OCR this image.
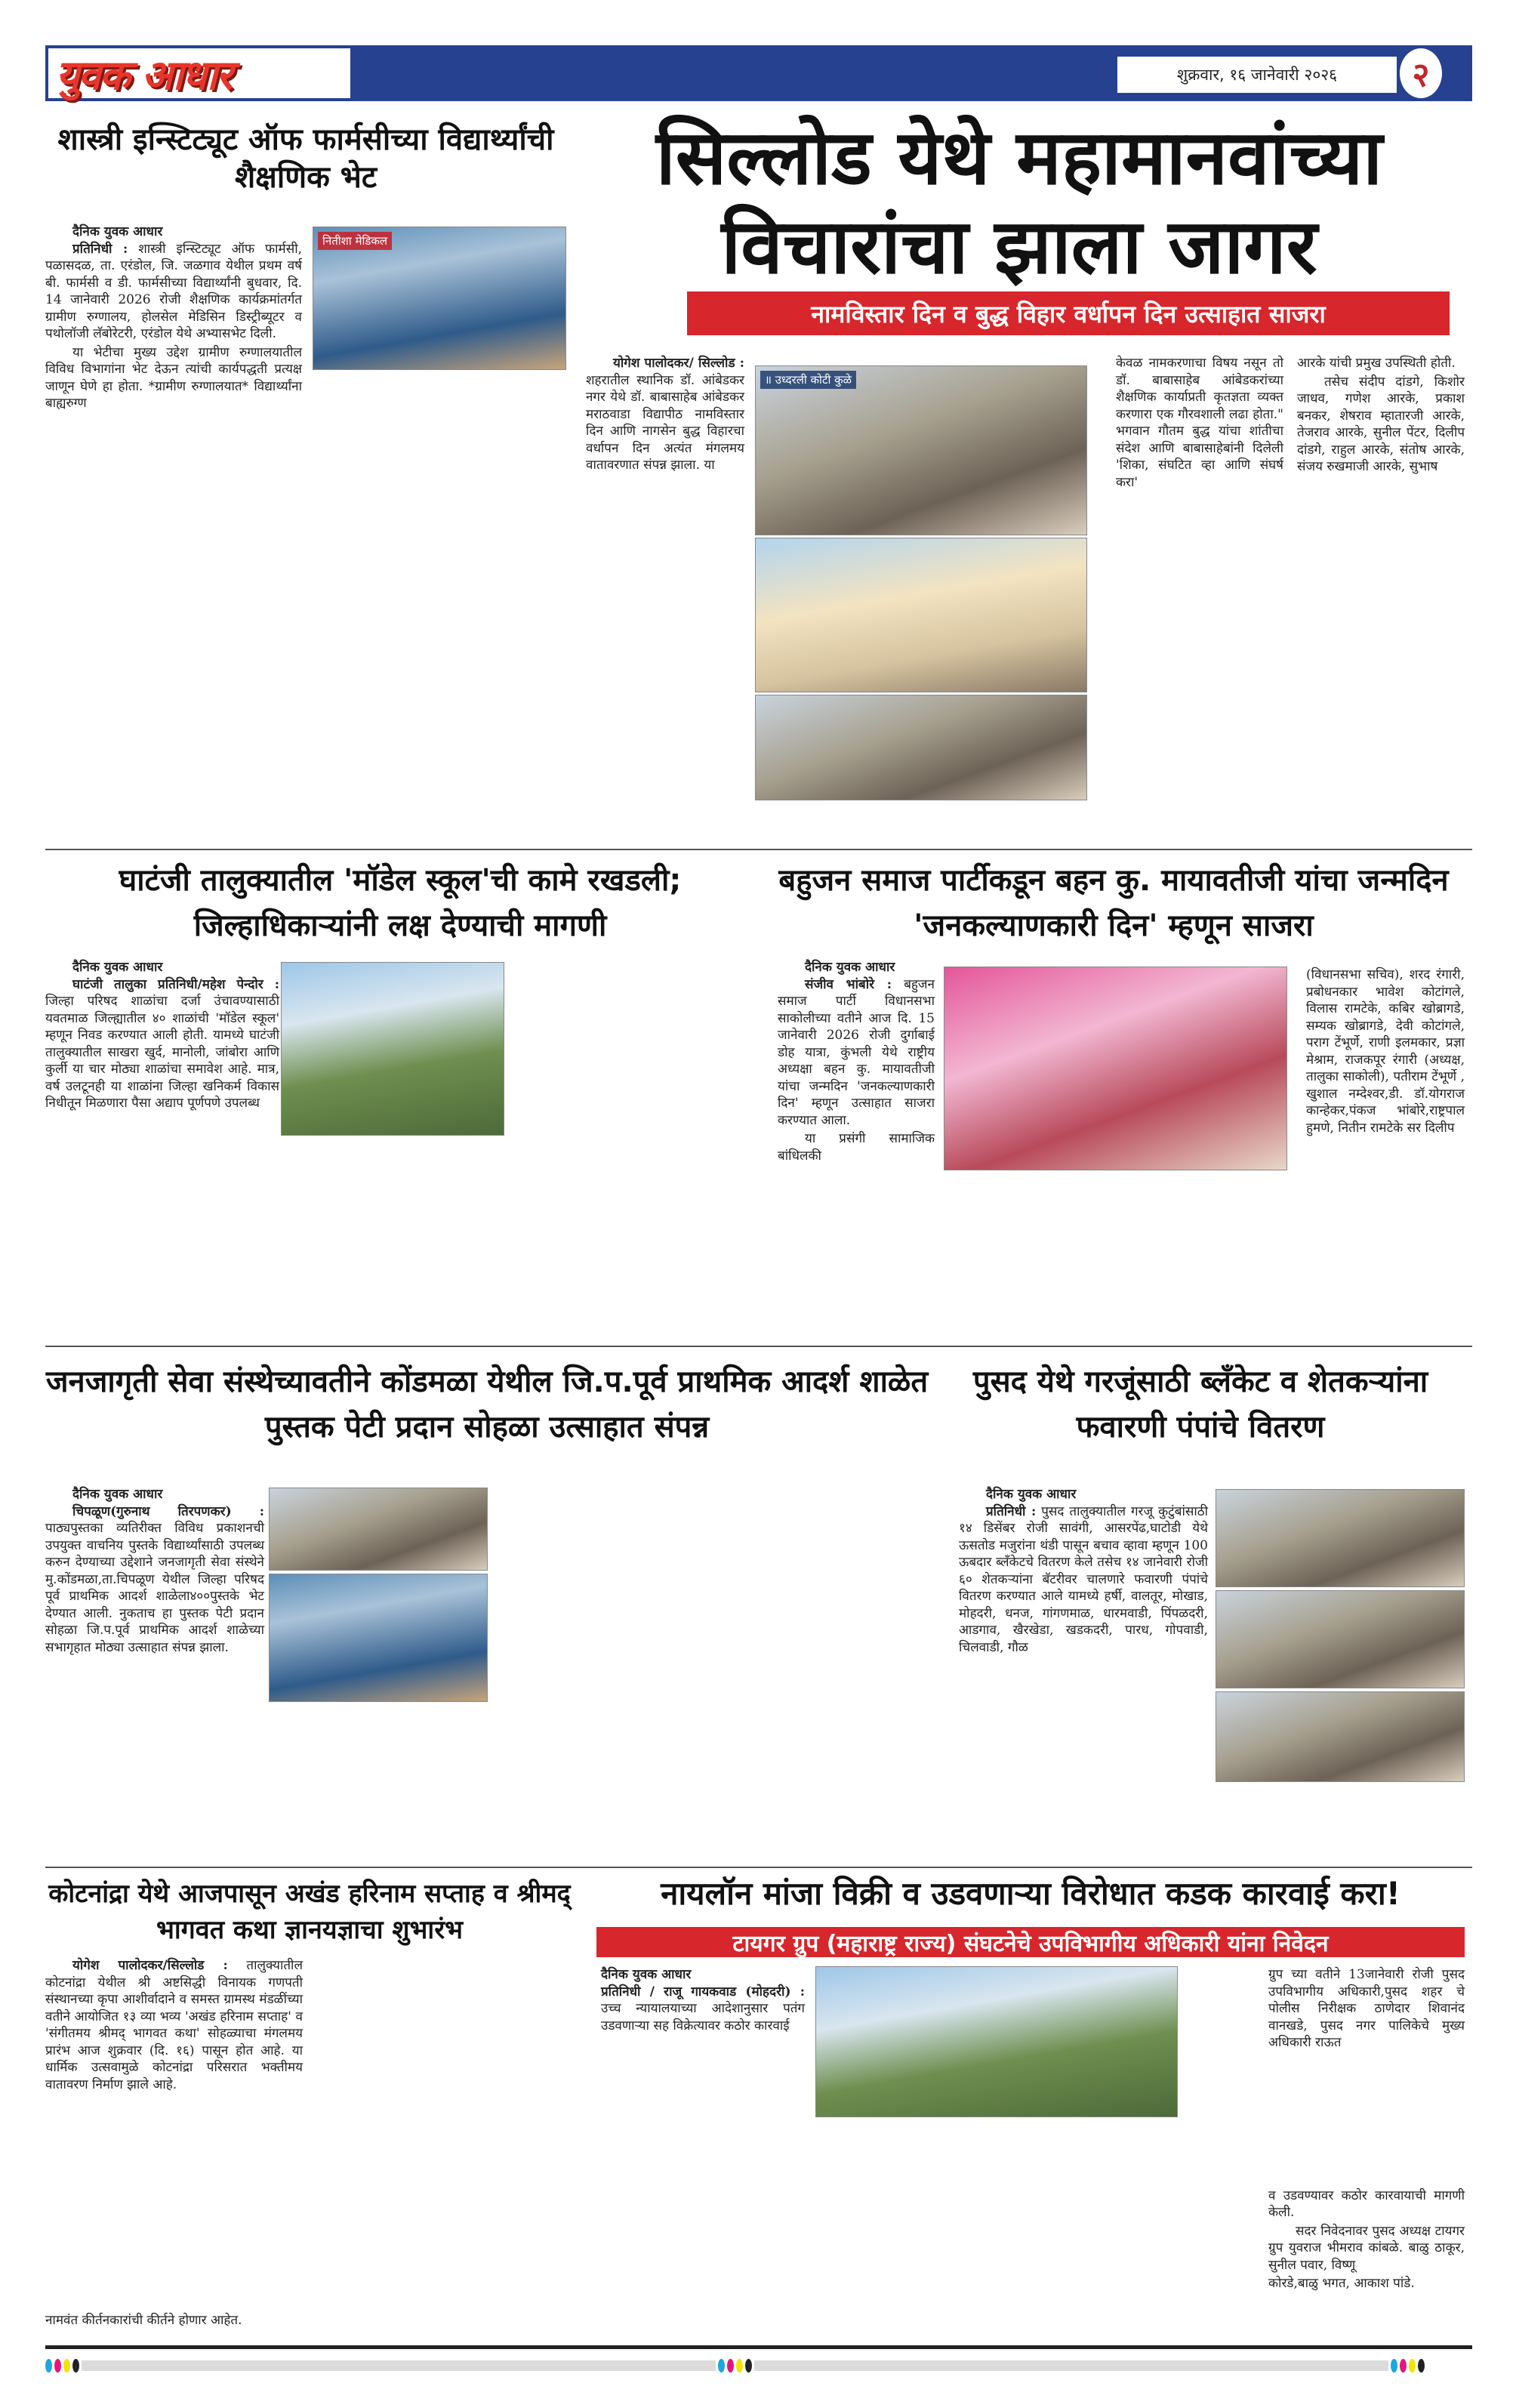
युवक आधार	शुक्रवार, १६ जानेवारी २०२६	२
शास्त्री इन्स्टिट्यूट ऑफ फार्मसीच्या विद्यार्थ्यांची शैक्षणिक भेट
दैनिक युवक आधार

प्रतिनिधी : शास्त्री इन्स्टिट्यूट ऑफ फार्मसी, पळासदळ, ता. एरंडोल, जि. जळगाव येथील प्रथम वर्ष बी. फार्मसी व डी. फार्मसीच्या विद्यार्थ्यांनी बुधवार, दि. 14 जानेवारी 2026 रोजी शैक्षणिक कार्यक्रमांतर्गत ग्रामीण रुग्णालय, होलसेल मेडिसिन डिस्ट्रीब्यूटर व पथोलॉजी लॅबोरेटरी, एरंडोल येथे अभ्यासभेट दिली.

या भेटीचा मुख्य उद्देश ग्रामीण रुग्णालयातील विविध विभागांना भेट देऊन त्यांची कार्यपद्धती प्रत्यक्ष जाणून घेणे हा होता. *ग्रामीण रुग्णालयात* विद्यार्थ्यांना बाह्यरुग्ण

नितीशा मेडिकल
सिल्लोड येथे महामानवांच्या विचारांचा झाला जागर
नामविस्तार दिन व बुद्ध विहार वर्धापन दिन उत्साहात साजरा

योगेश पालोदकर/ सिल्लोड : शहरातील स्थानिक डॉ. आंबेडकर नगर येथे डॉ. बाबासाहेब आंबेडकर मराठवाडा विद्यापीठ नामविस्तार दिन आणि नागसेन बुद्ध विहारचा वर्धापन दिन अत्यंत मंगलमय वातावरणात संपन्न झाला. या

॥ उध्दरली कोटी कुळे

केवळ नामकरणाचा विषय नसून तो डॉ. बाबासाहेब आंबेडकरांच्या शैक्षणिक कार्याप्रती कृतज्ञता व्यक्त करणारा एक गौरवशाली लढा होता." भगवान गौतम बुद्ध यांचा शांतीचा संदेश आणि बाबासाहेबांनी दिलेली 'शिका, संघटित व्हा आणि संघर्ष करा'

आरके यांची प्रमुख उपस्थिती होती.

तसेच संदीप दांडगे, किशोर जाधव, गणेश आरके, प्रकाश बनकर, शेषराव म्हातारजी आरके, तेजराव आरके, सुनील पेंटर, दिलीप दांडगे, राहुल आरके, संतोष आरके, संजय रुखमाजी आरके, सुभाष

घाटंजी तालुक्यातील 'मॉडेल स्कूल'ची कामे रखडली; जिल्हाधिकाऱ्यांनी लक्ष देण्याची मागणी
दैनिक युवक आधार

घाटंजी तालुका प्रतिनिधी/महेश पेन्दोर : जिल्हा परिषद शाळांचा दर्जा उंचावण्यासाठी यवतमाळ जिल्ह्यातील ४० शाळांची 'मॉडेल स्कूल' म्हणून निवड करण्यात आली होती. यामध्ये घाटंजी तालुक्यातील साखरा खुर्द, मानोली, जांबोरा आणि कुर्ली या चार मोठ्या शाळांचा समावेश आहे. मात्र, वर्ष उलटूनही या शाळांना जिल्हा खनिकर्म विकास निधीतून मिळणारा पैसा अद्याप पूर्णपणे उपलब्ध

बहुजन समाज पार्टीकडून बहन कु. मायावतीजी यांचा जन्मदिन 'जनकल्याणकारी दिन' म्हणून साजरा
दैनिक युवक आधार

संजीव भांबोरे : बहुजन समाज पार्टी विधानसभा साकोलीच्या वतीने आज दि. 15 जानेवारी 2026 रोजी दुर्गाबाई डोह यात्रा, कुंभली येथे राष्ट्रीय अध्यक्षा बहन कु. मायावतीजी यांचा जन्मदिन 'जनकल्याणकारी दिन' म्हणून उत्साहात साजरा करण्यात आला.

या प्रसंगी सामाजिक बांधिलकी

(विधानसभा सचिव), शरद रंगारी, प्रबोधनकार भावेश कोटांगले, विलास रामटेके, कबिर खोब्रागडे, सम्यक खोब्रागडे, देवी कोटांगले, पराग टेंभूर्णे, राणी इलमकार, प्रज्ञा मेश्राम, राजकपूर रंगारी (अध्यक्ष, तालुका साकोली), पतीराम टेंभूर्णे , खुशाल नम्देश्वर,डी. डॉ.योगराज कान्हेकर,पंकज भांबोरे,राष्ट्रपाल हुमणे, नितीन रामटेके सर दिलीप

जनजागृती सेवा संस्थेच्यावतीने कोंडमळा येथील जि.प.पूर्व प्राथमिक आदर्श शाळेत पुस्तक पेटी प्रदान सोहळा उत्साहात संपन्न
दैनिक युवक आधार

चिपळूण(गुरुनाथ तिरपणकर) : पाठ्यपुस्तका व्यतिरीक्त विविध प्रकाशनची उपयुक्त वाचनिय पुस्तके विद्यार्थ्यांसाठी उपलब्ध करुन देण्याच्या उद्देशाने जनजागृती सेवा संस्थेने मु.कोंडमळा,ता.चिपळूण येथील जिल्हा परिषद पूर्व प्राथमिक आदर्श शाळेला४००पुस्तके भेट देण्यात आली. नुकताच हा पुस्तक पेटी प्रदान सोहळा जि.प.पूर्व प्राथमिक आदर्श शाळेच्या सभागृहात मोठ्या उत्साहात संपन्न झाला.

पुसद येथे गरजूंसाठी ब्लँकेट व शेतकऱ्यांना फवारणी पंपांचे वितरण
दैनिक युवक आधार

प्रतिनिधी : पुसद तालुक्यातील गरजू कुटुंबांसाठी १४ डिसेंबर रोजी सावंगी, आसरपेंढ,घाटोडी येथे ऊसतोड मजुरांना थंडी पासून बचाव व्हावा म्हणून 100 ऊबदार ब्लँकेटचे वितरण केले तसेच १४ जानेवारी रोजी ६० शेतकऱ्यांना बॅटरीवर चालणारे फवारणी पंपांचे वितरण करण्यात आले यामध्ये हर्षी, वालतूर, मोखाड, मोहदरी, धनज, गांगणमाळ, धारमवाडी, पिंपळदरी, आडगाव, खैरखेडा, खडकदरी, पारध, गोपवाडी, चिलवाडी, गौळ

कोटनांद्रा येथे आजपासून अखंड हरिनाम सप्ताह व श्रीमद् भागवत कथा ज्ञानयज्ञाचा शुभारंभ

योगेश पालोदकर/सिल्लोड : तालुक्यातील कोटनांद्रा येथील श्री अष्टसिद्धी विनायक गणपती संस्थानच्या कृपा आशीर्वादाने व समस्त ग्रामस्थ मंडळींच्या वतीने आयोजित १३ व्या भव्य 'अखंड हरिनाम सप्ताह' व 'संगीतमय श्रीमद् भागवत कथा' सोहळ्याचा मंगलमय प्रारंभ आज शुक्रवार (दि. १६) पासून होत आहे. या धार्मिक उत्सवामुळे कोटनांद्रा परिसरात भक्तीमय वातावरण निर्माण झाले आहे.

नामवंत कीर्तनकारांची कीर्तने होणार आहेत.

नायलॉन मांजा विक्री व उडवणाऱ्या विरोधात कडक कारवाई करा!
टायगर ग्रुप (महाराष्ट्र राज्य) संघटनेचे उपविभागीय अधिकारी यांना निवेदन
दैनिक युवक आधार

प्रतिनिधी / राजू गायकवाड (मोहदरी) : उच्च न्यायालयाच्या आदेशानुसार पतंग उडवणाऱ्या सह विक्रेत्यावर कठोर कारवाई

ग्रुप च्या वतीने 13जानेवारी रोजी पुसद उपविभागीय अधिकारी,पुसद शहर चे पोलीस निरीक्षक ठाणेदार शिवानंद वानखडे, पुसद नगर पालिकेचे मुख्य अधिकारी राऊत

व उडवण्यावर कठोर कारवायाची मागणी केली.

सदर निवेदनावर पुसद अध्यक्ष टायगर ग्रुप युवराज भीमराव कांबळे. बाळु ठाकूर, सुनील पवार, विष्णू

कोरडे,बाळु भगत, आकाश पांडे.
